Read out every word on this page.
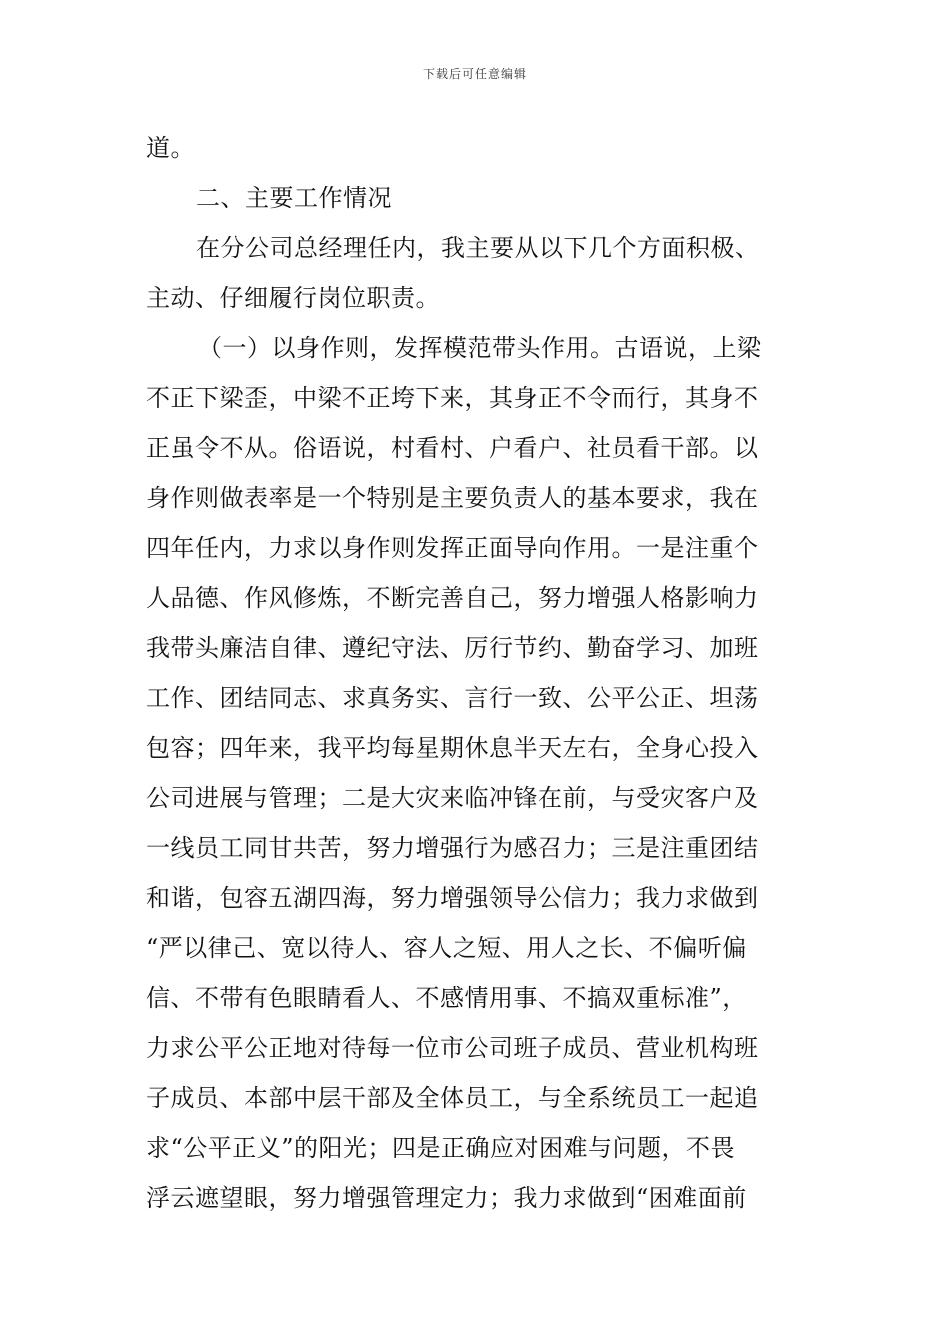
下载后可任意编辑
道。
二、主要工作情况
在分公司总经理任内，我主要从以下几个方面积极、
主动、仔细履行岗位职责。
（一）以身作则，发挥模范带头作用。古语说，上梁
不正下梁歪，中梁不正垮下来，其身正不令而行，其身不
正虽令不从。俗语说，村看村、户看户、社员看干部。以
身作则做表率是一个特别是主要负责人的基本要求，我在
四年任内，力求以身作则发挥正面导向作用。一是注重个
人品德、作风修炼，不断完善自己，努力增强人格影响力
我带头廉洁自律、遵纪守法、厉行节约、勤奋学习、加班
工作、团结同志、求真务实、言行一致、公平公正、坦荡
包容；四年来，我平均每星期休息半天左右，全身心投入
公司进展与管理；二是大灾来临冲锋在前，与受灾客户及
一线员工同甘共苦，努力增强行为感召力；三是注重团结
和谐，包容五湖四海，努力增强领导公信力；我力求做到
“严以律己、宽以待人、容人之短、用人之长、不偏听偏
信、不带有色眼睛看人、不感情用事、不搞双重标准”，
力求公平公正地对待每一位市公司班子成员、营业机构班
子成员、本部中层干部及全体员工，与全系统员工一起追
求“公平正义”的阳光；四是正确应对困难与问题，不畏
浮云遮望眼，努力增强管理定力；我力求做到“困难面前
